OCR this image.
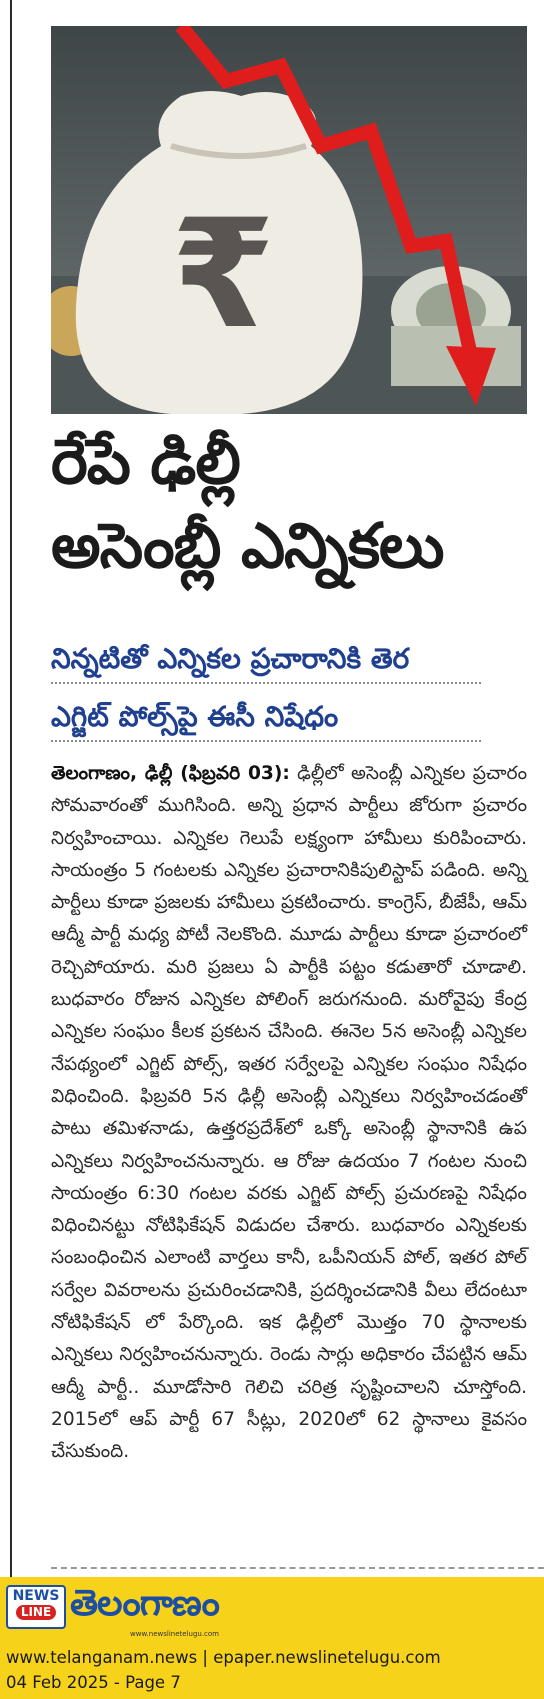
₹
రేపే ఢిల్లీ
అసెంబ్లీ ఎన్నికలు
నిన్నటితో ఎన్నికల ప్రచారానికి తెర
ఎగ్జిట్ పోల్స్‌పై ఈసీ నిషేధం
తెలంగాణం, ఢిల్లీ (ఫిబ్రవరి 03): ఢిల్లీలో అసెంబ్లీ ఎన్నికల ప్రచారం సోమవారంతో ముగిసింది. అన్ని ప్రధాన పార్టీలు జోరుగా ప్రచారం నిర్వహించాయి. ఎన్నికల గెలుపే లక్ష్యంగా హామీలు కురిపించారు. సాయంత్రం 5 గంటలకు ఎన్నికల ప్రచారానికిపులిస్టాప్ పడింది. అన్ని పార్టీలు కూడా ప్రజలకు హామీలు ప్రకటించారు. కాంగ్రెస్, బీజేపీ, ఆమ్ ఆద్మీ పార్టీ మధ్య పోటీ నెలకొంది. మూడు పార్టీలు కూడా ప్రచారంలో రెచ్చిపోయారు. మరి ప్రజలు ఏ పార్టీకి పట్టం కడుతారో చూడాలి. బుధవారం రోజున ఎన్నికల పోలింగ్ జరుగనుంది. మరోవైపు కేంద్ర ఎన్నికల సంఘం కీలక ప్రకటన చేసింది. ఈనెల 5న అసెంబ్లీ ఎన్నికల నేపథ్యంలో ఎగ్జిట్ పోల్స్, ఇతర సర్వేలపై ఎన్నికల సంఘం నిషేధం విధించింది. ఫిబ్రవరి 5న ఢిల్లీ అసెంబ్లీ ఎన్నికలు నిర్వహించడంతో పాటు తమిళనాడు, ఉత్తరప్రదేశ్‌లో ఒక్కో అసెంబ్లీ స్థానానికి ఉప ఎన్నికలు నిర్వహించనున్నారు. ఆ రోజు ఉదయం 7 గంటల నుంచి సాయంత్రం 6:30 గంటల వరకు ఎగ్జిట్ పోల్స్ ప్రచురణపై నిషేధం విధించినట్టు నోటిఫికేషన్ విడుదల చేశారు. బుధవారం ఎన్నికలకు సంబంధించిన ఎలాంటి వార్తలు కానీ, ఒపీనియన్ పోల్, ఇతర పోల్ సర్వేల వివరాలను ప్రచురించడానికి, ప్రదర్శించడానికి వీలు లేదంటూ నోటిఫికేషన్ లో పేర్కొంది. ఇక ఢిల్లీలో మొత్తం 70 స్థానాలకు ఎన్నికలు నిర్వహించనున్నారు. రెండు సార్లు అధికారం చేపట్టిన ఆమ్ ఆద్మీ పార్టీ.. మూడోసారి గెలిచి చరిత్ర సృష్టించాలని చూస్తోంది. 2015లో ఆప్ పార్టీ 67 సీట్లు, 2020లో 62 స్థానాలు కైవసం చేసుకుంది.
NEWS
LINE తెలంగాణం
www.newslinetelugu.com
www.telanganam.news | epaper.newslinetelugu.com
04 Feb 2025 - Page 7
